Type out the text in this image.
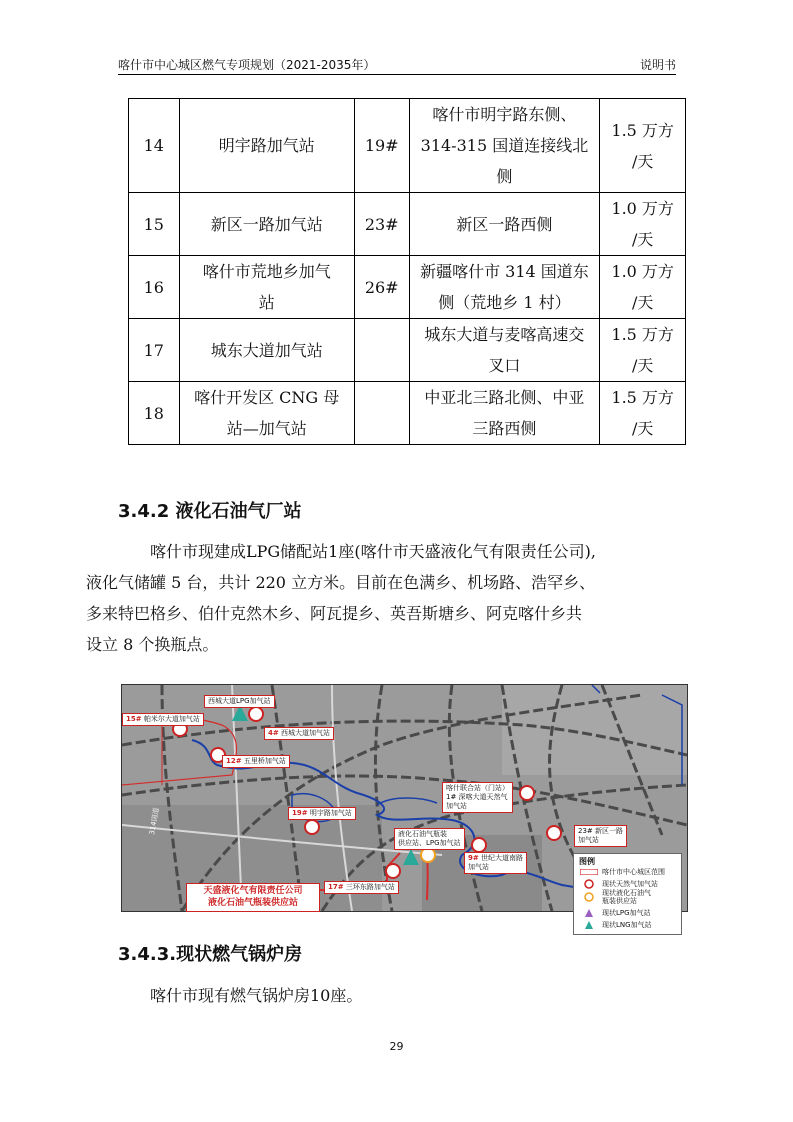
喀什市中心城区燃气专项规划（2021-2035年）	说明书
14	明宇路加气站	19#	喀什市明宇路东侧、
314-315 国道连接线北
侧	1.5 万方
/天
15	新区一路加气站	23#	新区一路西侧	1.0 万方
/天
16	喀什市荒地乡加气
站	26#	新疆喀什市 314 国道东
侧（荒地乡 1 村）	1.0 万方
/天
17	城东大道加气站		城东大道与麦喀高速交
叉口	1.5 万方
/天
18	喀什开发区 CNG 母
站—加气站		中亚北三路北侧、中亚
三路西侧	1.5 万方
/天
3.4.2 液化石油气厂站

喀什市现建成LPG储配站1座(喀什市天盛液化气有限责任公司),
液化气储罐 5 台，共计 220 立方米。目前在色满乡、机场路、浩罕乡、
多来特巴格乡、伯什克然木乡、阿瓦提乡、英吾斯塘乡、阿克喀什乡共
设立 8 个换瓶点。

314国道
西城大道LPG加气站
15# 帕米尔大道加气站
4# 西城大道加气站
12# 五里桥加气站
19# 明宇路加气站
喀什联合站（门站）
1# 深喀大道天然气
加气站
液化石油气瓶装
供应站、LPG加气站
9# 世纪大道南路
加气站
23# 新区一路
加气站
17# 三环东路加气站
天盛液化气有限责任公司
液化石油气瓶装供应站
图例
喀什市中心城区范围
现状天然气加气站
现状液化石油气
瓶装供应站
现状LPG加气站
现状LNG加气站
3.4.3.现状燃气锅炉房

喀什市现有燃气锅炉房10座。

29
